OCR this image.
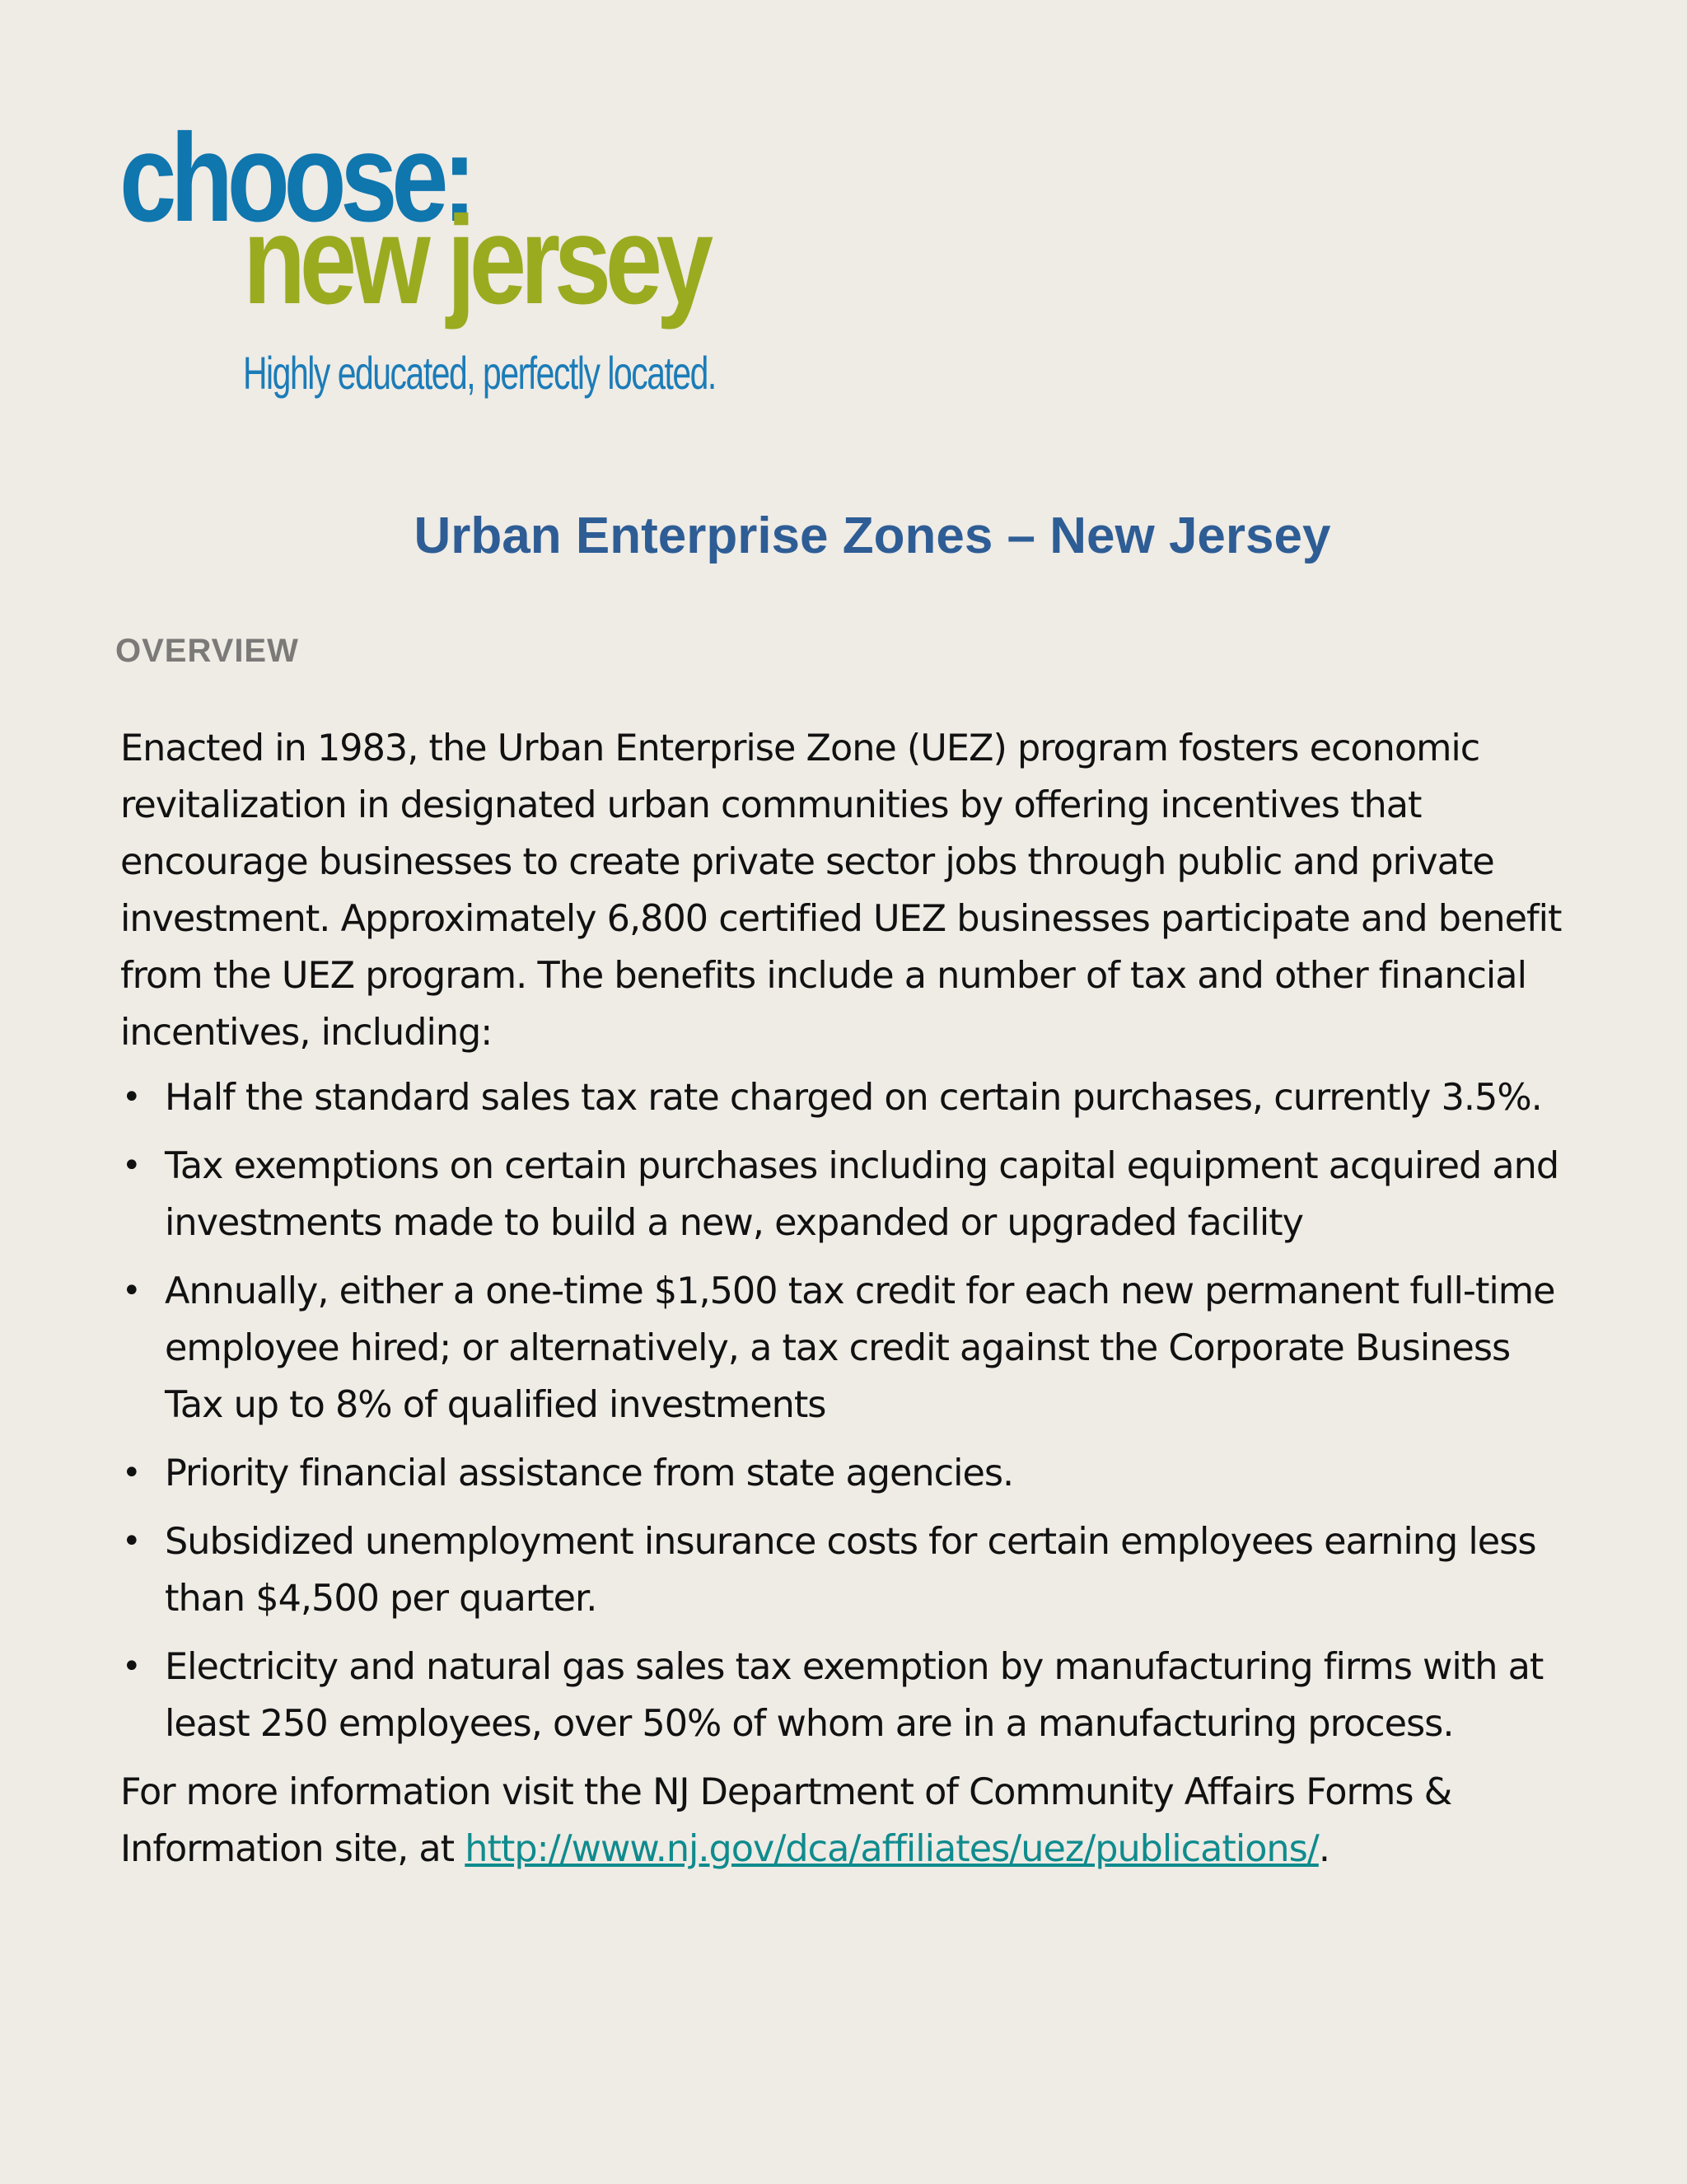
choose:
new jersey
Highly educated, perfectly located.
Urban Enterprise Zones – New Jersey
OVERVIEW

Enacted in 1983, the Urban Enterprise Zone (UEZ) program fosters economic revitalization in designated urban communities by offering incentives that encourage businesses to create private sector jobs through public and private investment. Approximately 6,800 certified UEZ businesses participate and benefit from the UEZ program. The benefits include a number of tax and other financial incentives, including:

• Half the standard sales tax rate charged on certain purchases, currently 3.5%.
• Tax exemptions on certain purchases including capital equipment acquired and investments made to build a new, expanded or upgraded facility
• Annually, either a one-time $1,500 tax credit for each new permanent full-time employee hired; or alternatively, a tax credit against the Corporate Business Tax up to 8% of qualified investments
• Priority financial assistance from state agencies.
• Subsidized unemployment insurance costs for certain employees earning less than $4,500 per quarter.
• Electricity and natural gas sales tax exemption by manufacturing firms with at least 250 employees, over 50% of whom are in a manufacturing process.

For more information visit the NJ Department of Community Affairs Forms & Information site, at http://www.nj.gov/dca/affiliates/uez/publications/.
